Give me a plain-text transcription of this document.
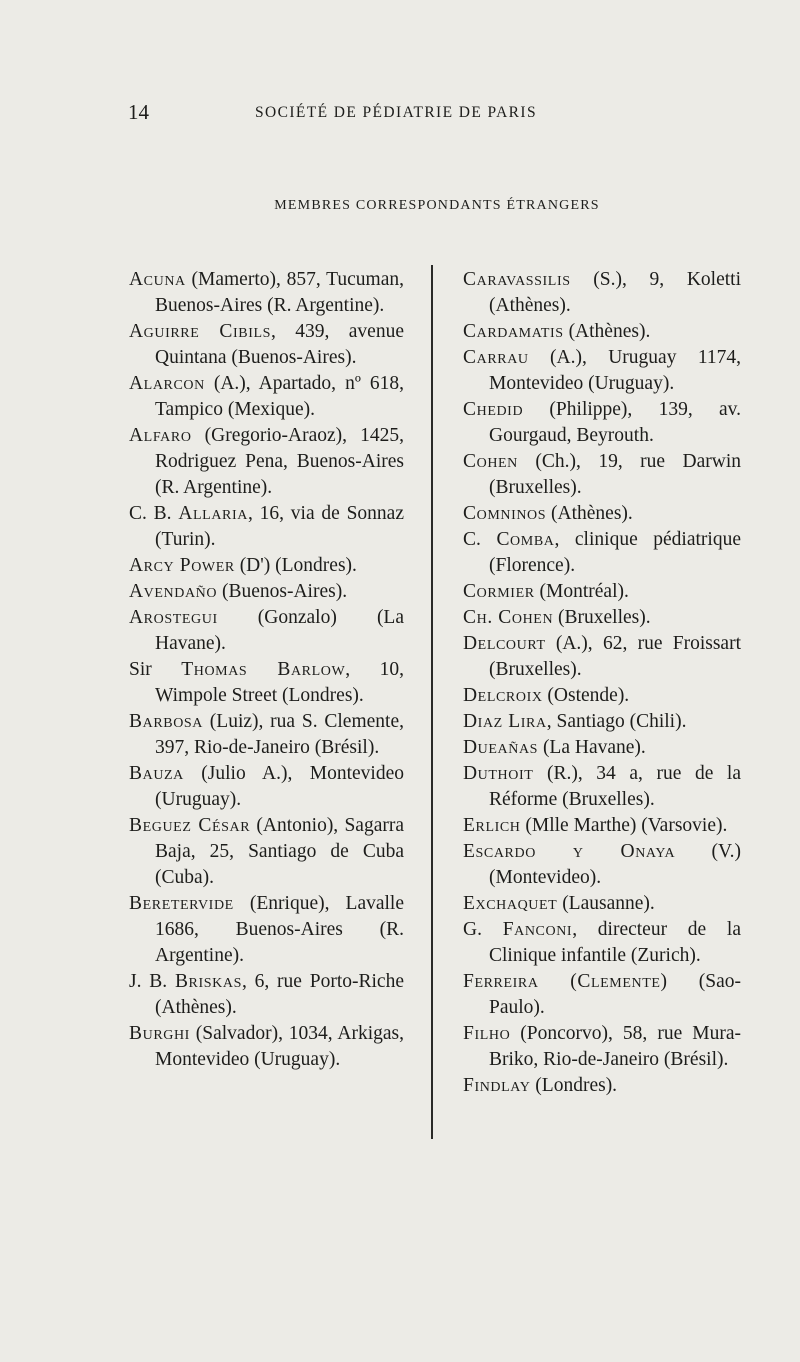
14	SOCIÉTÉ DE PÉDIATRIE DE PARIS
MEMBRES CORRESPONDANTS ÉTRANGERS

Acuna (Mamerto), 857, Tucuman, Buenos-Aires (R. Argentine).

Aguirre Cibils, 439, avenue Quintana (Buenos-Aires).

Alarcon (A.), Apartado, nº 618, Tampico (Mexique).

Alfaro (Gregorio-Araoz), 1425, Rodriguez Pena, Buenos-Aires (R. Argentine).

C. B. Allaria, 16, via de Sonnaz (Turin).

Arcy Power (D') (Londres).

Avendaño (Buenos-Aires).

Arostegui (Gonzalo) (La Havane).

Sir Thomas Barlow, 10, Wimpole Street (Londres).

Barbosa (Luiz), rua S. Clemente, 397, Rio-de-Janeiro (Brésil).

Bauza (Julio A.), Montevideo (Uruguay).

Beguez César (Antonio), Sagarra Baja, 25, Santiago de Cuba (Cuba).

Beretervide (Enrique), Lavalle 1686, Buenos-Aires (R. Argentine).

J. B. Briskas, 6, rue Porto-Riche (Athènes).

Burghi (Salvador), 1034, Arkigas, Montevideo (Uruguay).

Caravassilis (S.), 9, Koletti (Athènes).

Cardamatis (Athènes).

Carrau (A.), Uruguay 1174, Montevideo (Uruguay).

Chedid (Philippe), 139, av. Gourgaud, Beyrouth.

Cohen (Ch.), 19, rue Darwin (Bruxelles).

Comninos (Athènes).

C. Comba, clinique pédiatrique (Florence).

Cormier (Montréal).

Ch. Cohen (Bruxelles).

Delcourt (A.), 62, rue Froissart (Bruxelles).

Delcroix (Ostende).

Diaz Lira, Santiago (Chili).

Dueañas (La Havane).

Duthoit (R.), 34 a, rue de la Réforme (Bruxelles).

Erlich (Mlle Marthe) (Varsovie).

Escardo y Onaya (V.) (Montevideo).

Exchaquet (Lausanne).

G. Fanconi, directeur de la Clinique infantile (Zurich).

Ferreira (Clemente) (Sao-Paulo).

Filho (Poncorvo), 58, rue Mura-Briko, Rio-de-Janeiro (Brésil).

Findlay (Londres).
